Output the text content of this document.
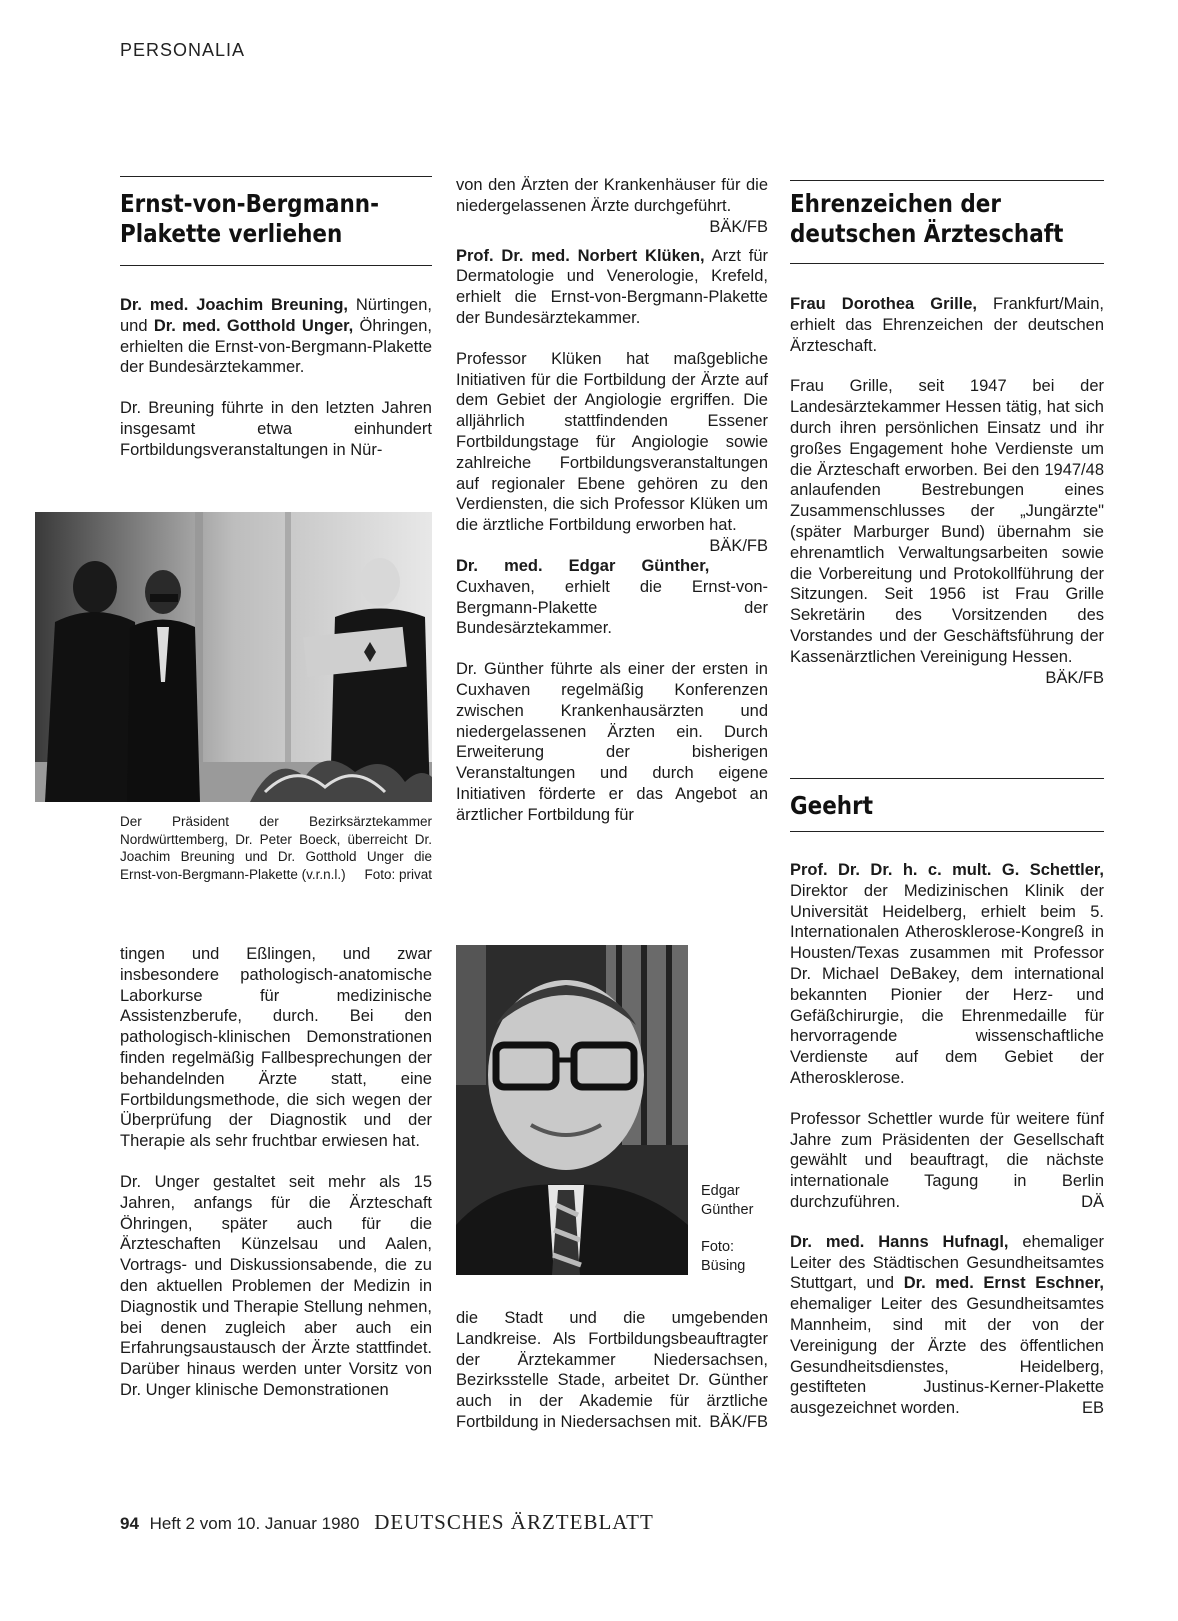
PERSONALIA
Ernst-von-Bergmann-
Plakette verliehen

Dr. med. Joachim Breuning, Nürtingen, und Dr. med. Gotthold Unger, Öhringen, erhielten die Ernst-von-Bergmann-Plakette der Bundesärztekammer.

Dr. Breuning führte in den letzten Jahren insgesamt etwa einhundert Fortbildungsveranstaltungen in Nür-

Der Präsident der Bezirksärztekammer Nordwürttemberg, Dr. Peter Boeck, überreicht Dr. Joachim Breuning und Dr. Gotthold Unger die Ernst-von-Bergmann-Plakette (v.r.n.l.) Foto: privat

tingen und Eßlingen, und zwar insbesondere pathologisch-anatomische Laborkurse für medizinische Assistenzberufe, durch. Bei den pathologisch-klinischen Demonstrationen finden regelmäßig Fallbesprechungen der behandelnden Ärzte statt, eine Fortbildungsmethode, die sich wegen der Überprüfung der Diagnostik und der Therapie als sehr fruchtbar erwiesen hat.

Dr. Unger gestaltet seit mehr als 15 Jahren, anfangs für die Ärzteschaft Öhringen, später auch für die Ärzteschaften Künzelsau und Aalen, Vortrags- und Diskussionsabende, die zu den aktuellen Problemen der Medizin in Diagnostik und Therapie Stellung nehmen, bei denen zugleich aber auch ein Erfahrungsaustausch der Ärzte stattfindet. Darüber hinaus werden unter Vorsitz von Dr. Unger klinische Demonstrationen

von den Ärzten der Krankenhäuser für die niedergelassenen Ärzte durchgeführt.
BÄK/FB

Prof. Dr. med. Norbert Klüken, Arzt für Dermatologie und Venerologie, Krefeld, erhielt die Ernst-von-Bergmann-Plakette der Bundesärztekammer.

Professor Klüken hat maßgebliche Initiativen für die Fortbildung der Ärzte auf dem Gebiet der Angiologie ergriffen. Die alljährlich stattfindenden Essener Fortbildungstage für Angiologie sowie zahlreiche Fortbildungsveranstaltungen auf regionaler Ebene gehören zu den Verdiensten, die sich Professor Klüken um die ärztliche Fortbildung erworben hat.
BÄK/FB

Dr. med. Edgar Günther, Cuxhaven, erhielt die Ernst-von-Bergmann-Plakette der Bundesärztekammer.

Dr. Günther führte als einer der ersten in Cuxhaven regelmäßig Konferenzen zwischen Krankenhausärzten und niedergelassenen Ärzten ein. Durch Erweiterung der bisherigen Veranstaltungen und durch eigene Initiativen förderte er das Angebot an ärztlicher Fortbildung für

Edgar
Günther
Foto:
Büsing

die Stadt und die umgebenden Landkreise. Als Fortbildungsbeauftragter der Ärztekammer Niedersachsen, Bezirksstelle Stade, arbeitet Dr. Günther auch in der Akademie für ärztliche Fortbildung in Niedersachsen mit. BÄK/FB

Ehrenzeichen der
deutschen Ärzteschaft

Frau Dorothea Grille, Frankfurt/Main, erhielt das Ehrenzeichen der deutschen Ärzteschaft.

Frau Grille, seit 1947 bei der Landesärztekammer Hessen tätig, hat sich durch ihren persönlichen Einsatz und ihr großes Engagement hohe Verdienste um die Ärzteschaft erworben. Bei den 1947/48 anlaufenden Bestrebungen eines Zusammenschlusses der „Jungärzte" (später Marburger Bund) übernahm sie ehrenamtlich Verwaltungsarbeiten sowie die Vorbereitung und Protokollführung der Sitzungen. Seit 1956 ist Frau Grille Sekretärin des Vorsitzenden des Vorstandes und der Geschäftsführung der Kassenärztlichen Vereinigung Hessen.
BÄK/FB

Geehrt

Prof. Dr. Dr. h. c. mult. G. Schettler, Direktor der Medizinischen Klinik der Universität Heidelberg, erhielt beim 5. Internationalen Atherosklerose-Kongreß in Housten/Texas zusammen mit Professor Dr. Michael DeBakey, dem international bekannten Pionier der Herz- und Gefäßchirurgie, die Ehrenmedaille für hervorragende wissenschaftliche Verdienste auf dem Gebiet der Atherosklerose.

Professor Schettler wurde für weitere fünf Jahre zum Präsidenten der Gesellschaft gewählt und beauftragt, die nächste internationale Tagung in Berlin durchzuführen.	DÄ

Dr. med. Hanns Hufnagl, ehemaliger Leiter des Städtischen Gesundheitsamtes Stuttgart, und Dr. med. Ernst Eschner, ehemaliger Leiter des Gesundheitsamtes Mannheim, sind mit der von der Vereinigung der Ärzte des öffentlichen Gesundheitsdienstes, Heidelberg, gestifteten Justinus-Kerner-Plakette ausgezeichnet worden.	EB

94 Heft 2 vom 10. Januar 1980 DEUTSCHES ÄRZTEBLATT
